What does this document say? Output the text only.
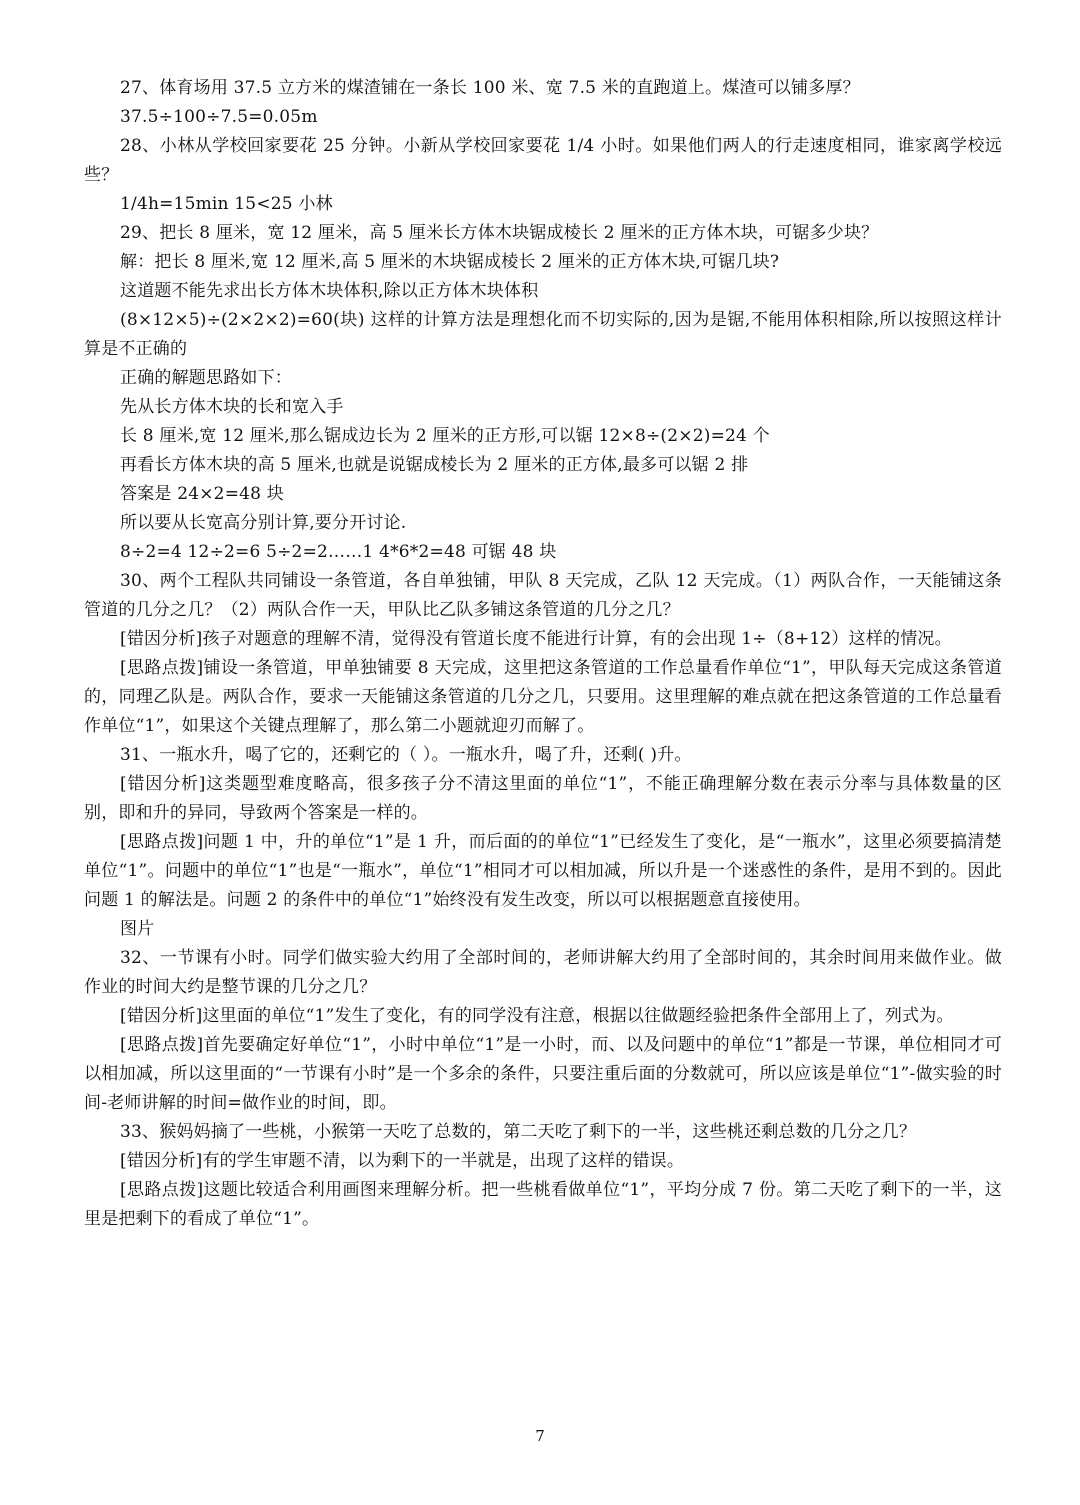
27、体育场用 37.5 立方米的煤渣铺在一条长 100 米、宽 7.5 米的直跑道上。煤渣可以铺多厚？

37.5÷100÷7.5=0.05m

28、小林从学校回家要花 25 分钟。小新从学校回家要花 1/4 小时。如果他们两人的行走速度相同，谁家离学校远些？

1/4h=15min 15<25 小林

29、把长 8 厘米，宽 12 厘米，高 5 厘米长方体木块锯成棱长 2 厘米的正方体木块，可锯多少块？

解：把长 8 厘米,宽 12 厘米,高 5 厘米的木块锯成棱长 2 厘米的正方体木块,可锯几块?

这道题不能先求出长方体木块体积,除以正方体木块体积

(8×12×5)÷(2×2×2)=60(块) 这样的计算方法是理想化而不切实际的,因为是锯,不能用体积相除,所以按照这样计算是不正确的

正确的解题思路如下：

先从长方体木块的长和宽入手

长 8 厘米,宽 12 厘米,那么锯成边长为 2 厘米的正方形,可以锯 12×8÷(2×2)=24 个

再看长方体木块的高 5 厘米,也就是说锯成棱长为 2 厘米的正方体,最多可以锯 2 排

答案是 24×2=48 块

所以要从长宽高分别计算,要分开讨论.

8÷2=4 12÷2=6 5÷2=2……1 4*6*2=48 可锯 48 块

30、两个工程队共同铺设一条管道，各自单独铺，甲队 8 天完成，乙队 12 天完成。（1）两队合作，一天能铺这条管道的几分之几？（2）两队合作一天，甲队比乙队多铺这条管道的几分之几？

[错因分析]孩子对题意的理解不清，觉得没有管道长度不能进行计算，有的会出现 1÷（8+12）这样的情况。

[思路点拨]铺设一条管道，甲单独铺要 8 天完成，这里把这条管道的工作总量看作单位“1”，甲队每天完成这条管道的，同理乙队是。两队合作，要求一天能铺这条管道的几分之几，只要用。这里理解的难点就在把这条管道的工作总量看作单位“1”，如果这个关键点理解了，那么第二小题就迎刃而解了。

31、一瓶水升，喝了它的，还剩它的（ ）。一瓶水升，喝了升，还剩( )升。

[错因分析]这类题型难度略高，很多孩子分不清这里面的单位“1”，不能正确理解分数在表示分率与具体数量的区别，即和升的异同，导致两个答案是一样的。

[思路点拨]问题 1 中，升的单位“1”是 1 升，而后面的的单位“1”已经发生了变化，是“一瓶水”，这里必须要搞清楚单位“1”。问题中的单位“1”也是“一瓶水”，单位“1”相同才可以相加减，所以升是一个迷惑性的条件，是用不到的。因此问题 1 的解法是。问题 2 的条件中的单位“1”始终没有发生改变，所以可以根据题意直接使用。

图片

32、一节课有小时。同学们做实验大约用了全部时间的，老师讲解大约用了全部时间的，其余时间用来做作业。做作业的时间大约是整节课的几分之几？

[错因分析]这里面的单位“1”发生了变化，有的同学没有注意，根据以往做题经验把条件全部用上了，列式为。

[思路点拨]首先要确定好单位“1”，小时中单位“1”是一小时，而、以及问题中的单位“1”都是一节课，单位相同才可以相加减，所以这里面的“一节课有小时”是一个多余的条件，只要注重后面的分数就可，所以应该是单位“1”-做实验的时间-老师讲解的时间=做作业的时间，即。

33、猴妈妈摘了一些桃，小猴第一天吃了总数的，第二天吃了剩下的一半，这些桃还剩总数的几分之几？

[错因分析]有的学生审题不清，以为剩下的一半就是，出现了这样的错误。

[思路点拨]这题比较适合利用画图来理解分析。把一些桃看做单位“1”，平均分成 7 份。第二天吃了剩下的一半，这里是把剩下的看成了单位“1”。

7
